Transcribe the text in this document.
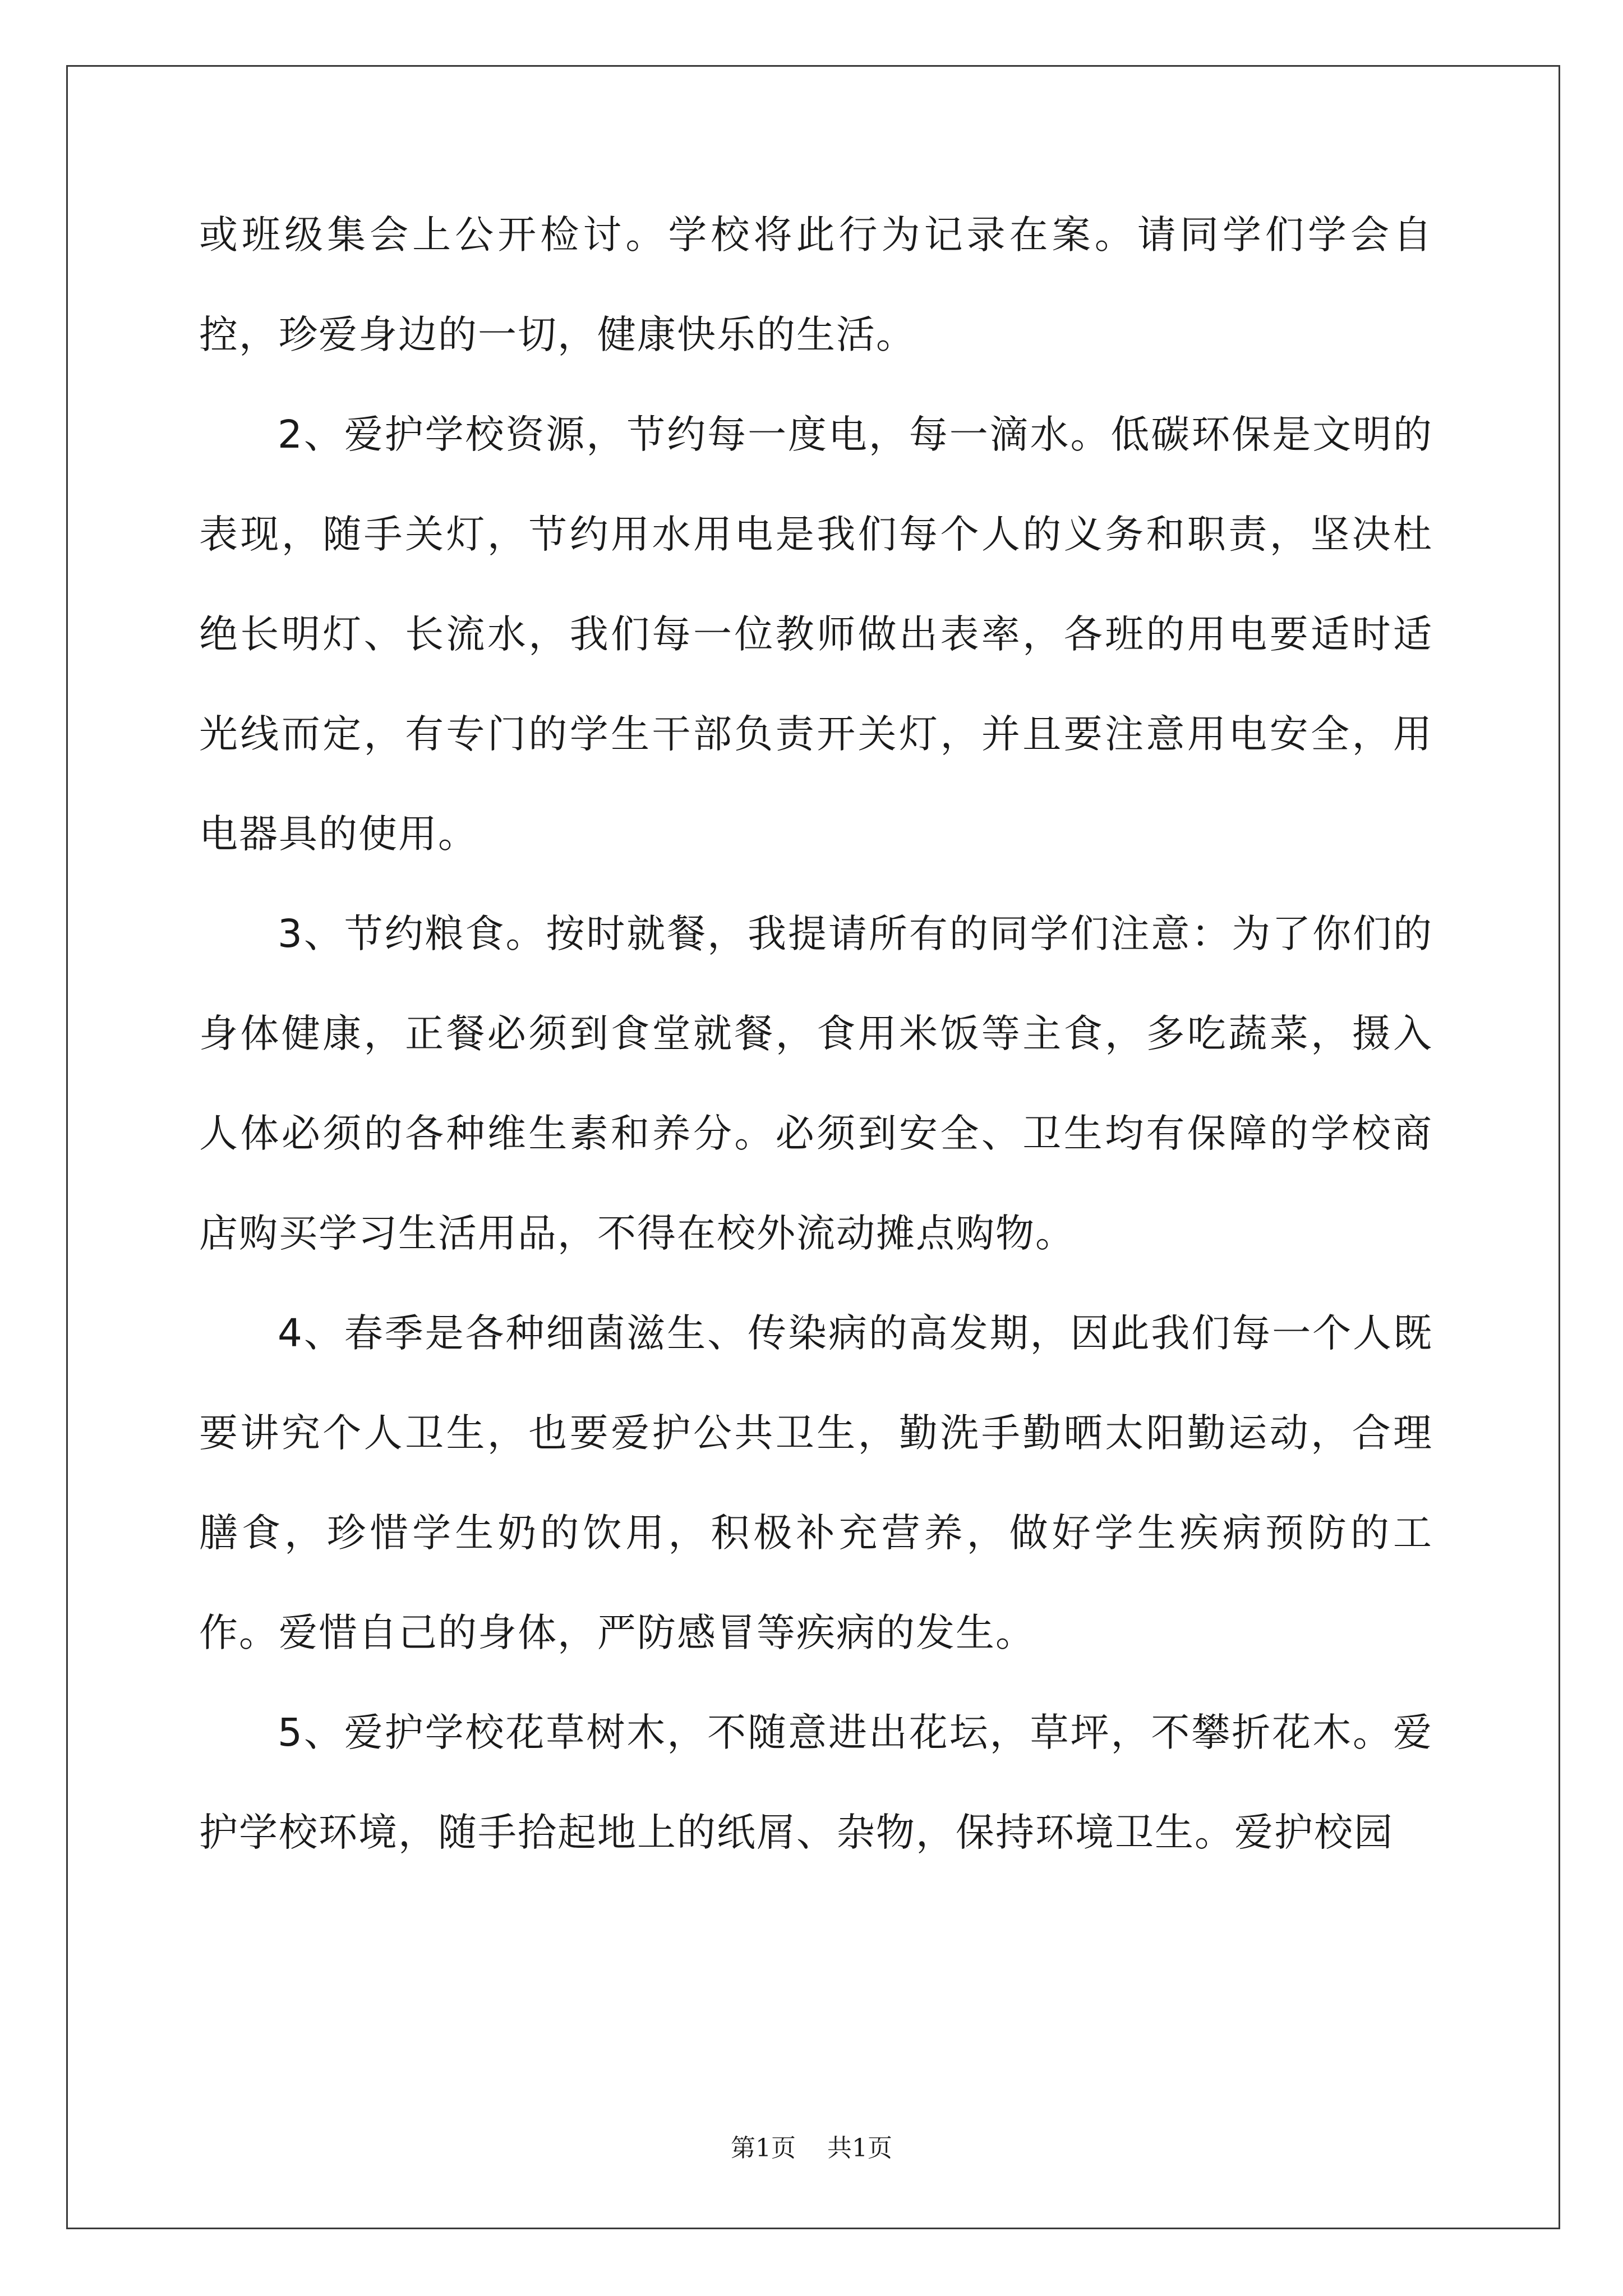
或班级集会上公开检讨。学校将此行为记录在案。请同学们学会自控，珍爱身边的一切，健康快乐的生活。

2、爱护学校资源，节约每一度电，每一滴水。低碳环保是文明的表现，随手关灯，节约用水用电是我们每个人的义务和职责，坚决杜绝长明灯、长流水，我们每一位教师做出表率，各班的用电要适时适光线而定，有专门的学生干部负责开关灯，并且要注意用电安全，用电器具的使用。

3、节约粮食。按时就餐，我提请所有的同学们注意：为了你们的身体健康，正餐必须到食堂就餐，食用米饭等主食，多吃蔬菜，摄入人体必须的各种维生素和养分。必须到安全、卫生均有保障的学校商店购买学习生活用品，不得在校外流动摊点购物。

4、春季是各种细菌滋生、传染病的高发期，因此我们每一个人既要讲究个人卫生，也要爱护公共卫生，勤洗手勤晒太阳勤运动，合理膳食，珍惜学生奶的饮用，积极补充营养，做好学生疾病预防的工作。爱惜自己的身体，严防感冒等疾病的发生。

5、爱护学校花草树木，不随意进出花坛，草坪，不攀折花木。爱护学校环境，随手拾起地上的纸屑、杂物，保持环境卫生。爱护校园

第1页 共1页
